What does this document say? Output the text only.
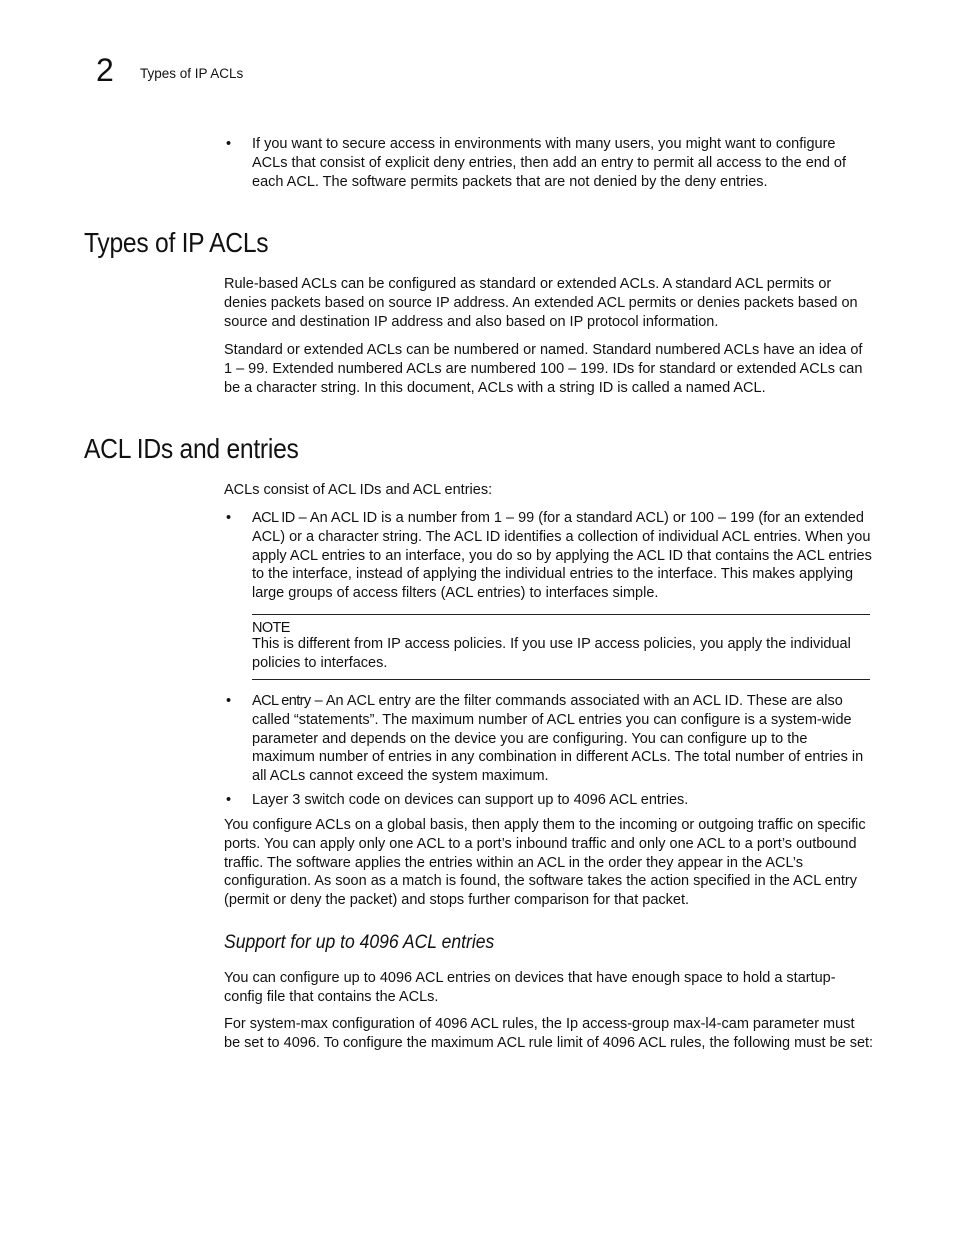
2 Types of IP ACLs
• If you want to secure access in environments with many users, you might want to configure ACLs that consist of explicit deny entries, then add an entry to permit all access to the end of each ACL. The software permits packets that are not denied by the deny entries.

Types of IP ACLs

Rule-based ACLs can be configured as standard or extended ACLs. A standard ACL permits or denies packets based on source IP address. An extended ACL permits or denies packets based on source and destination IP address and also based on IP protocol information.

Standard or extended ACLs can be numbered or named. Standard numbered ACLs have an idea of 1 – 99. Extended numbered ACLs are numbered 100 – 199. IDs for standard or extended ACLs can be a character string. In this document, ACLs with a string ID is called a named ACL.

ACL IDs and entries

ACLs consist of ACL IDs and ACL entries:

• ACL ID – An ACL ID is a number from 1 – 99 (for a standard ACL) or 100 – 199 (for an extended ACL) or a character string. The ACL ID identifies a collection of individual ACL entries. When you apply ACL entries to an interface, you do so by applying the ACL ID that contains the ACL entries to the interface, instead of applying the individual entries to the interface. This makes applying large groups of access filters (ACL entries) to interfaces simple.

NOTE

This is different from IP access policies. If you use IP access policies, you apply the individual policies to interfaces.

• ACL entry – An ACL entry are the filter commands associated with an ACL ID. These are also called “statements”. The maximum number of ACL entries you can configure is a system-wide parameter and depends on the device you are configuring. You can configure up to the maximum number of entries in any combination in different ACLs. The total number of entries in all ACLs cannot exceed the system maximum.

• Layer 3 switch code on devices can support up to 4096 ACL entries.

You configure ACLs on a global basis, then apply them to the incoming or outgoing traffic on specific ports. You can apply only one ACL to a port’s inbound traffic and only one ACL to a port’s outbound traffic. The software applies the entries within an ACL in the order they appear in the ACL’s configuration. As soon as a match is found, the software takes the action specified in the ACL entry (permit or deny the packet) and stops further comparison for that packet.

Support for up to 4096 ACL entries

You can configure up to 4096 ACL entries on devices that have enough space to hold a startup-config file that contains the ACLs.

For system-max configuration of 4096 ACL rules, the Ip access-group max-l4-cam parameter must be set to 4096. To configure the maximum ACL rule limit of 4096 ACL rules, the following must be set:
